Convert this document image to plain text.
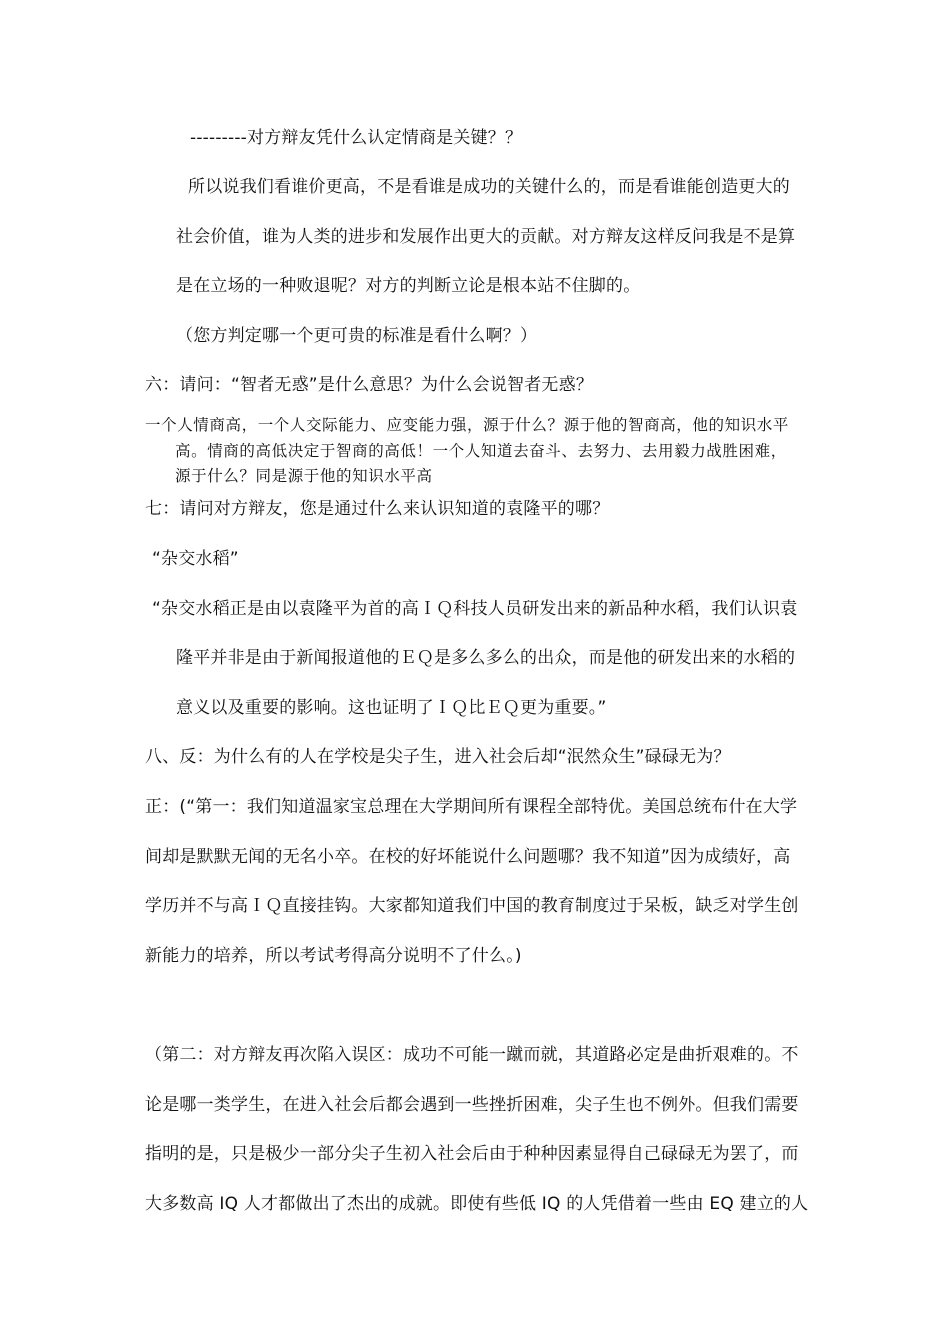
---------对方辩友凭什么认定情商是关键？？
所以说我们看谁价更高，不是看谁是成功的关键什么的，而是看谁能创造更大的
社会价值，谁为人类的进步和发展作出更大的贡献。对方辩友这样反问我是不是算
是在立场的一种败退呢？对方的判断立论是根本站不住脚的。
（您方判定哪一个更可贵的标准是看什么啊？）
六：请问：“智者无惑”是什么意思？为什么会说智者无惑？
一个人情商高，一个人交际能力、应变能力强，源于什么？源于他的智商高，他的知识水平
高。情商的高低决定于智商的高低！一个人知道去奋斗、去努力、去用毅力战胜困难，
源于什么？同是源于他的知识水平高
七：请问对方辩友，您是通过什么来认识知道的袁隆平的哪？
“杂交水稻”
“杂交水稻正是由以袁隆平为首的高ＩＱ科技人员研发出来的新品种水稻，我们认识袁
隆平并非是由于新闻报道他的ＥＱ是多么多么的出众，而是他的研发出来的水稻的
意义以及重要的影响。这也证明了ＩＱ比ＥＱ更为重要。”
八、反：为什么有的人在学校是尖子生，进入社会后却“泯然众生”碌碌无为？
正：(“第一：我们知道温家宝总理在大学期间所有课程全部特优。美国总统布什在大学
间却是默默无闻的无名小卒。在校的好坏能说什么问题哪？我不知道”因为成绩好，高
学历并不与高ＩＱ直接挂钩。大家都知道我们中国的教育制度过于呆板，缺乏对学生创
新能力的培养，所以考试考得高分说明不了什么。)
（第二：对方辩友再次陷入误区：成功不可能一蹴而就，其道路必定是曲折艰难的。不
论是哪一类学生，在进入社会后都会遇到一些挫折困难，尖子生也不例外。但我们需要
指明的是，只是极少一部分尖子生初入社会后由于种种因素显得自己碌碌无为罢了，而
大多数高 IQ 人才都做出了杰出的成就。即使有些低 IQ 的人凭借着一些由 EQ 建立的人
